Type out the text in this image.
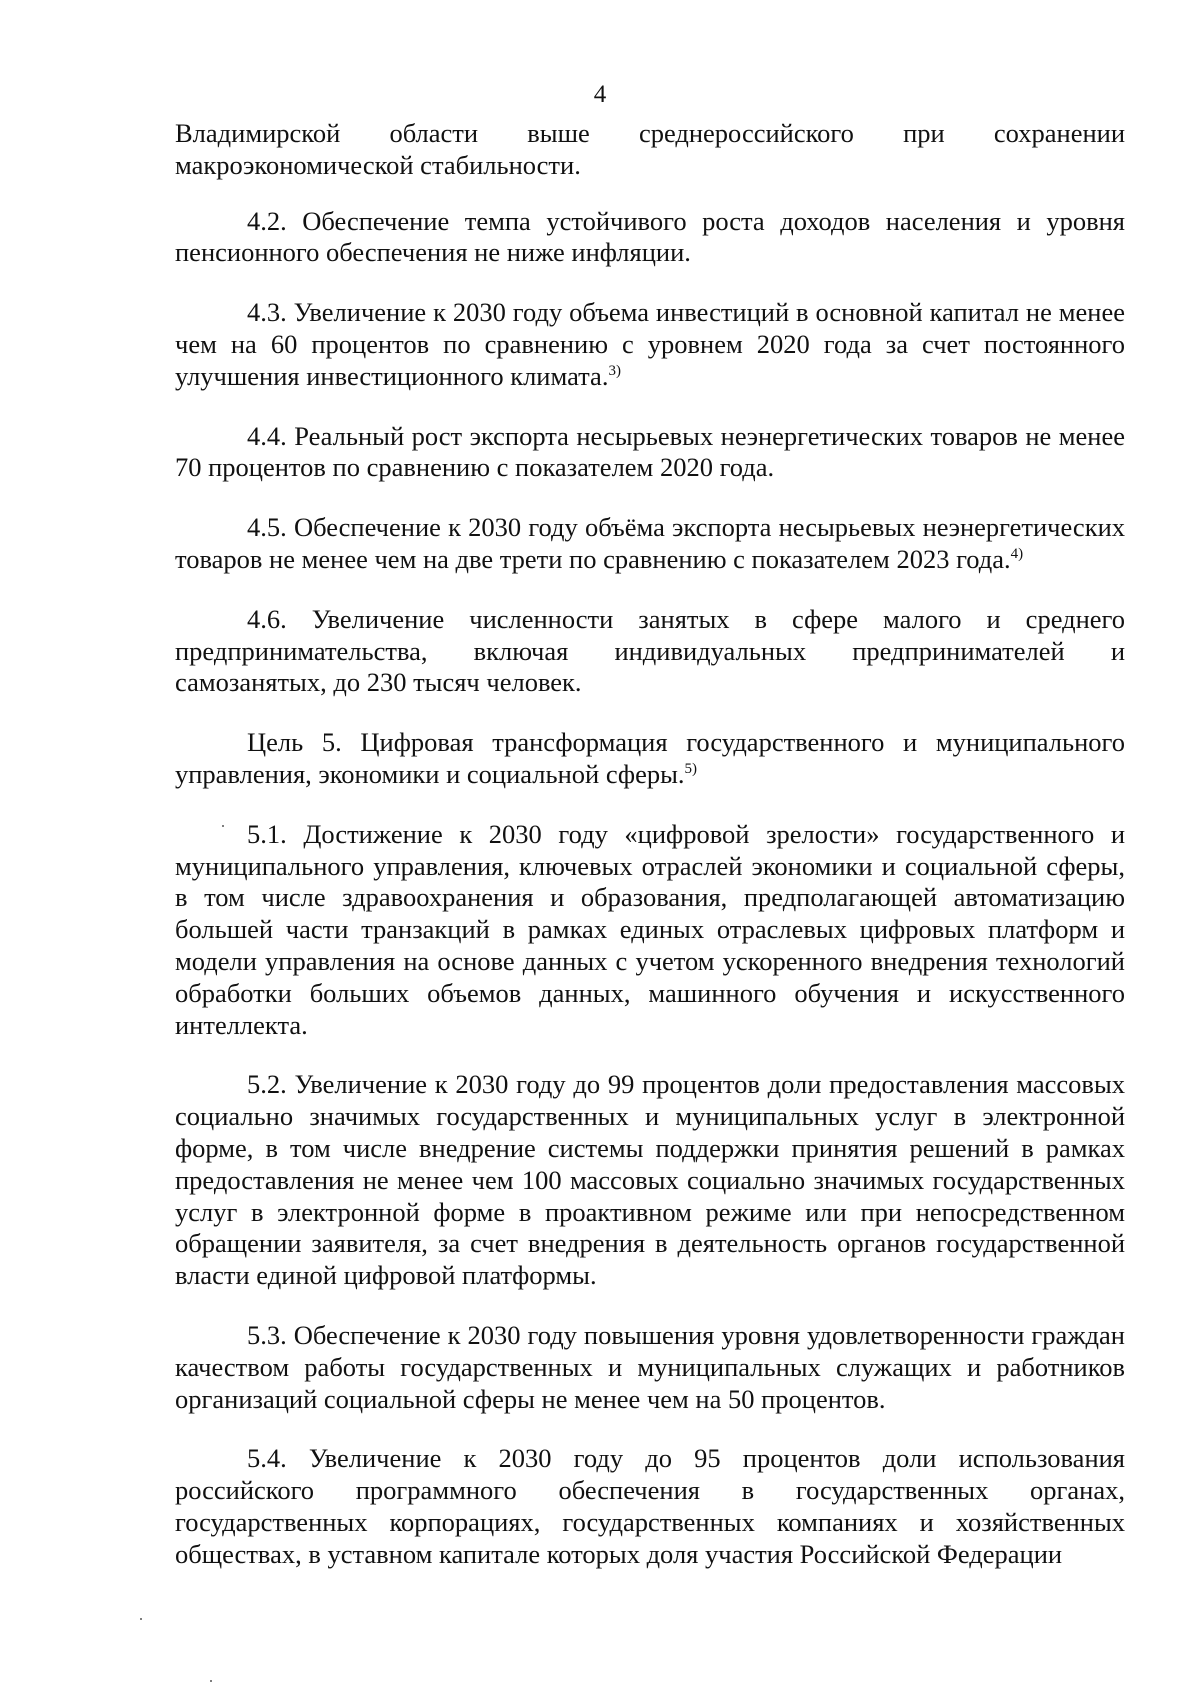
4

Владимирской области выше среднероссийского при сохранении макроэкономической стабильности.

4.2. Обеспечение темпа устойчивого роста доходов населения и уровня пенсионного обеспечения не ниже инфляции.

4.3. Увеличение к 2030 году объема инвестиций в основной капитал не менее чем на 60 процентов по сравнению с уровнем 2020 года за счет постоянного улучшения инвестиционного климата.$^{3)}$

4.4. Реальный рост экспорта несырьевых неэнергетических товаров не менее 70 процентов по сравнению с показателем 2020 года.

4.5. Обеспечение к 2030 году объёма экспорта несырьевых неэнергетических товаров не менее чем на две трети по сравнению с показателем 2023 года.$^{4)}$

4.6. Увеличение численности занятых в сфере малого и среднего предпринимательства, включая индивидуальных предпринимателей и самозанятых, до 230 тысяч человек.

Цель 5. Цифровая трансформация государственного и муниципального управления, экономики и социальной сферы.$^{5)}$

5.1. Достижение к 2030 году «цифровой зрелости» государственного и муниципального управления, ключевых отраслей экономики и социальной сферы, в том числе здравоохранения и образования, предполагающей автоматизацию большей части транзакций в рамках единых отраслевых цифровых платформ и модели управления на основе данных с учетом ускоренного внедрения технологий обработки больших объемов данных, машинного обучения и искусственного интеллекта.

5.2. Увеличение к 2030 году до 99 процентов доли предоставления массовых социально значимых государственных и муниципальных услуг в электронной форме, в том числе внедрение системы поддержки принятия решений в рамках предоставления не менее чем 100 массовых социально значимых государственных услуг в электронной форме в проактивном режиме или при непосредственном обращении заявителя, за счет внедрения в деятельность органов государственной власти единой цифровой платформы.

5.3. Обеспечение к 2030 году повышения уровня удовлетворенности граждан качеством работы государственных и муниципальных служащих и работников организаций социальной сферы не менее чем на 50 процентов.

5.4. Увеличение к 2030 году до 95 процентов доли использования российского программного обеспечения в государственных органах, государственных корпорациях, государственных компаниях и хозяйственных обществах, в уставном капитале которых доля участия Российской Федерации
